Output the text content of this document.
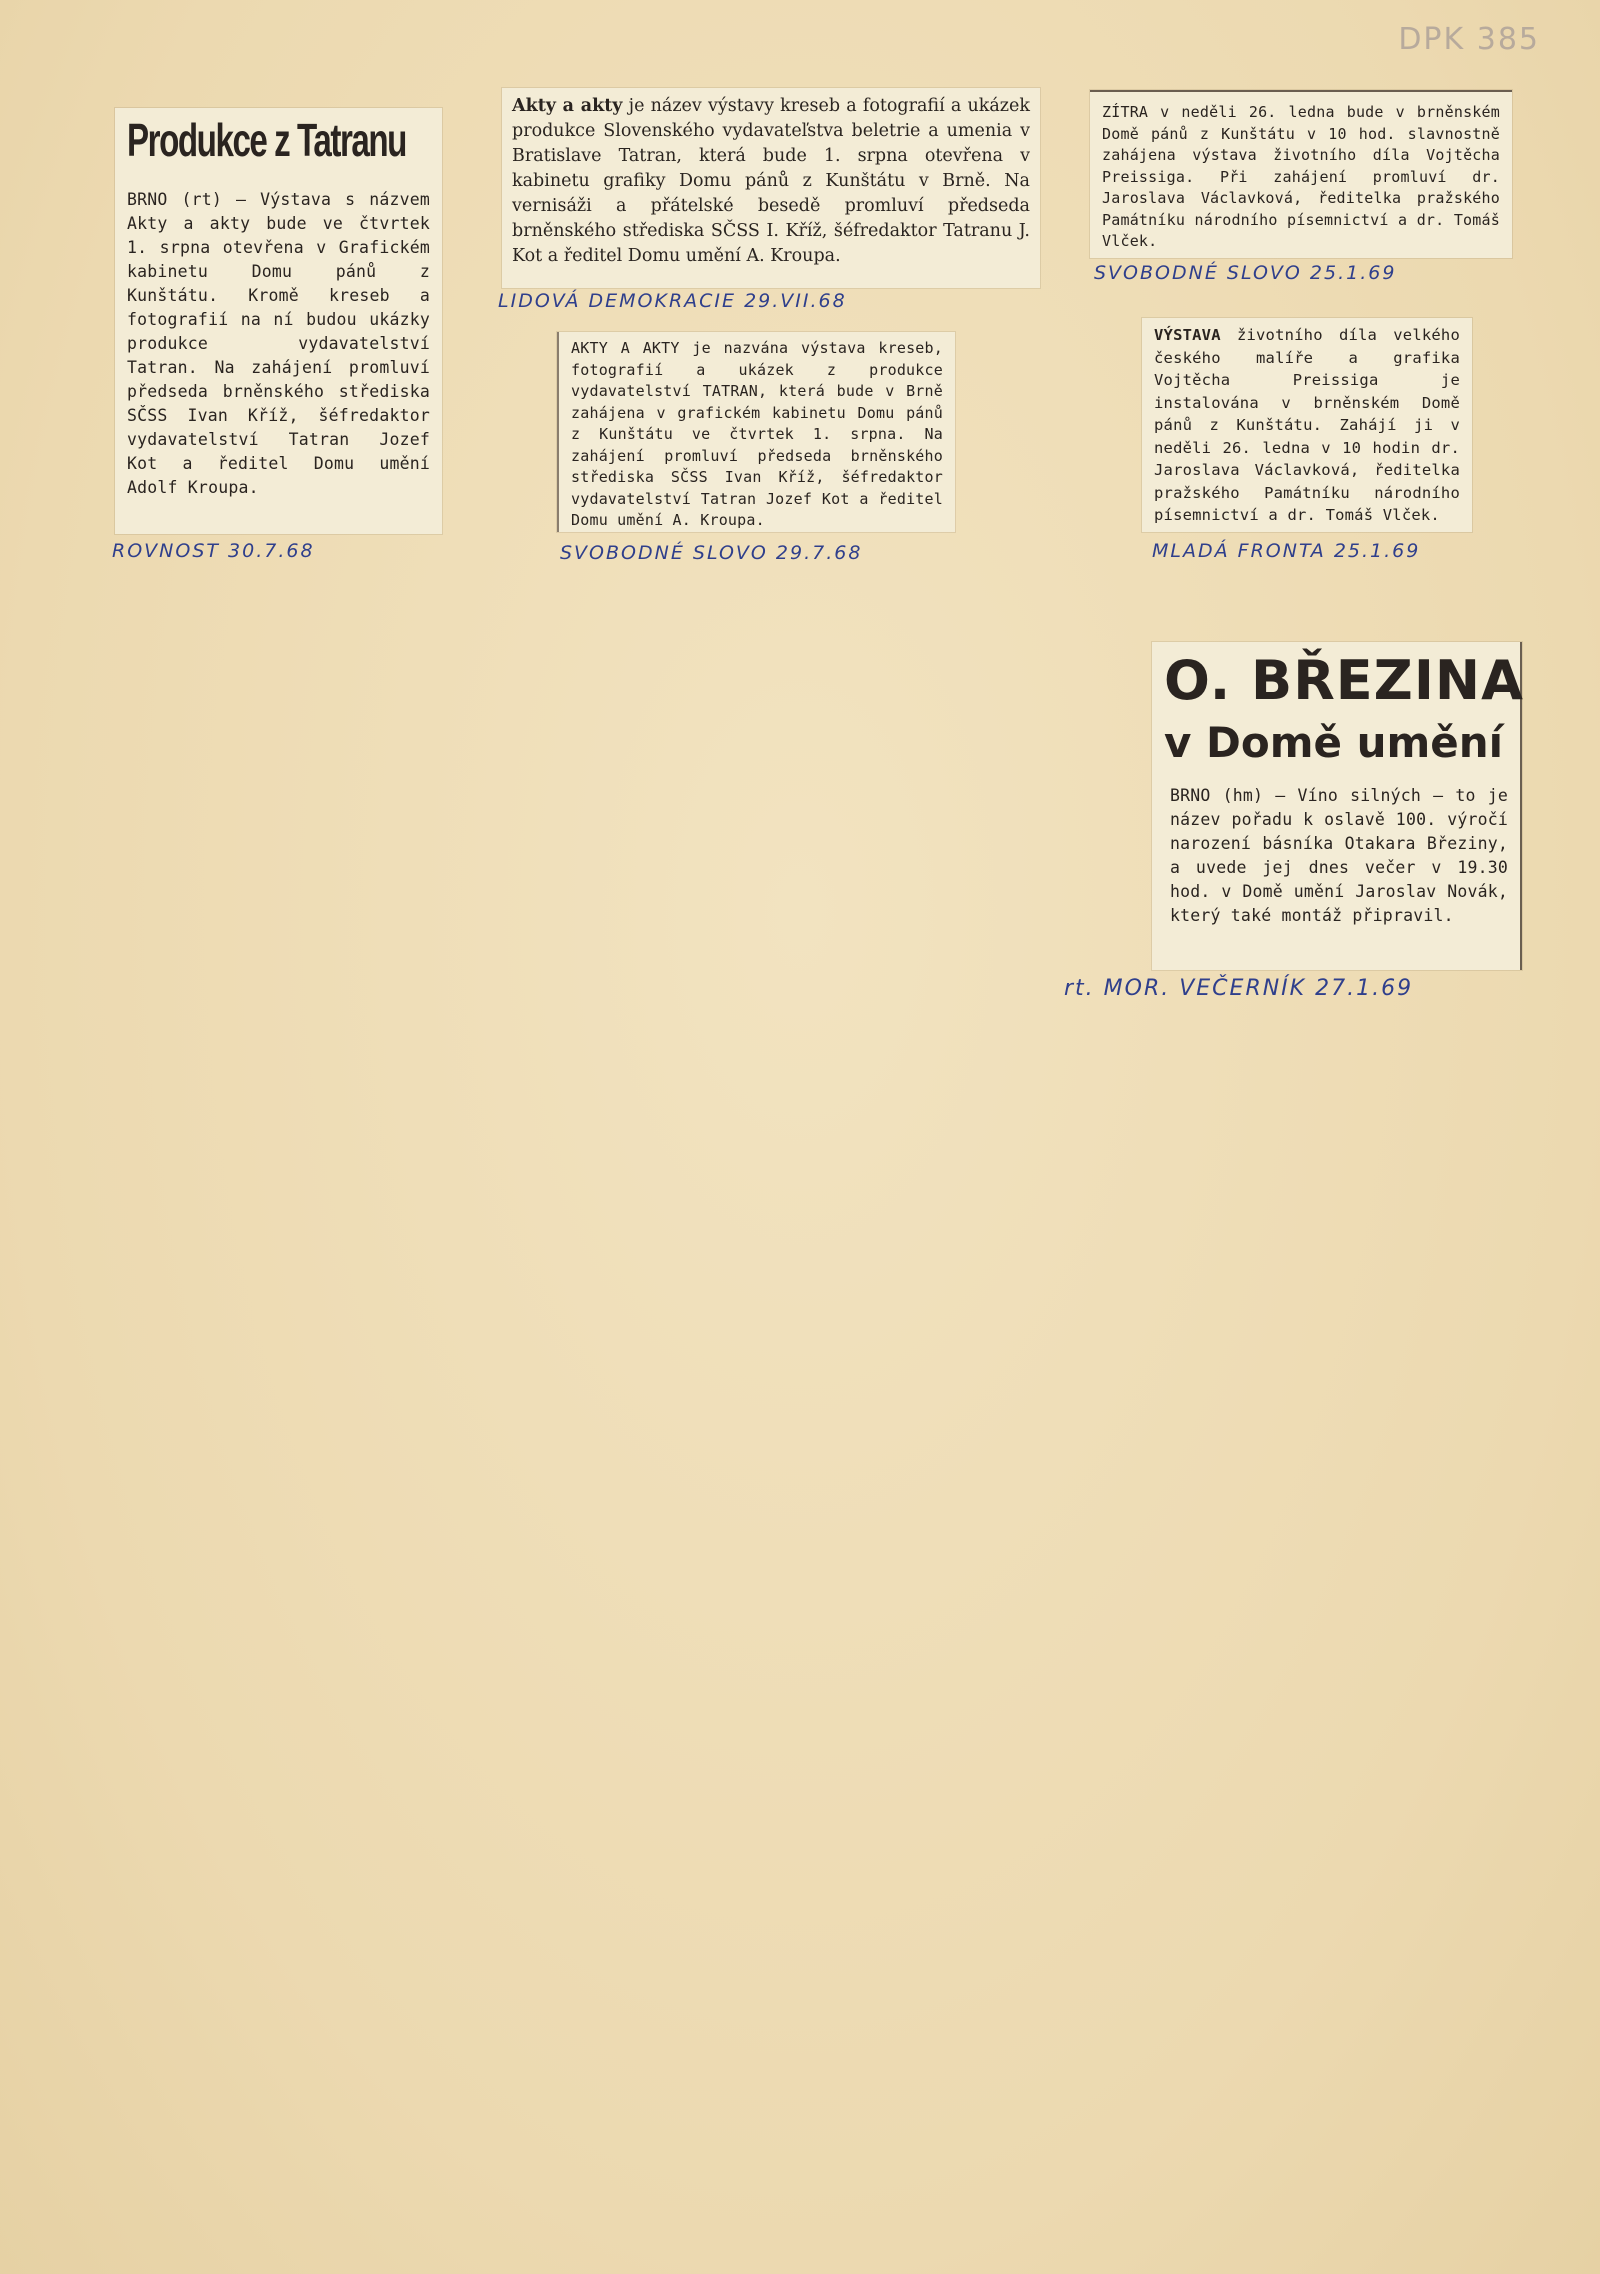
DPK 385
Produkce z Tatranu

BRNO (rt) — Výstava s názvem Akty a akty bude ve čtvrtek 1. srpna otevřena v Grafickém kabinetu Domu pánů z Kunštátu. Kromě kreseb a fotografií na ní budou ukázky produkce vydavatelství Tatran. Na zahájení promluví předseda brněnského střediska SČSS Ivan Kříž, šéfredaktor vydavatelství Tatran Jozef Kot a ředitel Domu umění Adolf Kroupa.

ROVNOST 30.7.68

Akty a akty je název výstavy kreseb a fotografií a ukázek produkce Slovenského vydavateľstva beletrie a umenia v Bratislave Tatran, která bude 1. srpna otevřena v kabinetu grafiky Domu pánů z Kunštátu v Brně. Na vernisáži a přátelské besedě promluví předseda brněnského střediska SČSS I. Kříž, šéfredaktor Tatranu J. Kot a ředitel Domu umění A. Kroupa.

LIDOVÁ DEMOKRACIE 29.VII.68

AKTY A AKTY je nazvána výstava kreseb, fotografií a ukázek z produkce vydavatelství TATRAN, která bude v Brně zahájena v grafickém kabinetu Domu pánů z Kunštátu ve čtvrtek 1. srpna. Na zahájení promluví předseda brněnského střediska SČSS Ivan Kříž, šéfredaktor vydavatelství Tatran Jozef Kot a ředitel Domu umění A. Kroupa.

SVOBODNÉ SLOVO 29.7.68

ZÍTRA v neděli 26. ledna bude v brněnském Domě pánů z Kunštátu v 10 hod. slavnostně zahájena výstava životního díla Vojtěcha Preissiga. Při zahájení promluví dr. Jaroslava Václavková, ředitelka pražského Památníku národního písemnictví a dr. Tomáš Vlček.

SVOBODNÉ SLOVO 25.1.69

VÝSTAVA životního díla velkého českého malíře a grafika Vojtěcha Preissiga je instalována v brněnském Domě pánů z Kunštátu. Zahájí ji v neděli 26. ledna v 10 hodin dr. Jaroslava Václavková, ředitelka pražského Památníku národního písemnictví a dr. Tomáš Vlček.

MLADÁ FRONTA 25.1.69
O. BŘEZINA
v Domě umění

BRNO (hm) — Víno silných — to je název pořadu k oslavě 100. výročí narození básníka Otakara Březiny, a uvede jej dnes večer v 19.30 hod. v Domě umění Jaroslav Novák, který také montáž připravil.

rt. MOR. VEČERNÍK 27.1.69
